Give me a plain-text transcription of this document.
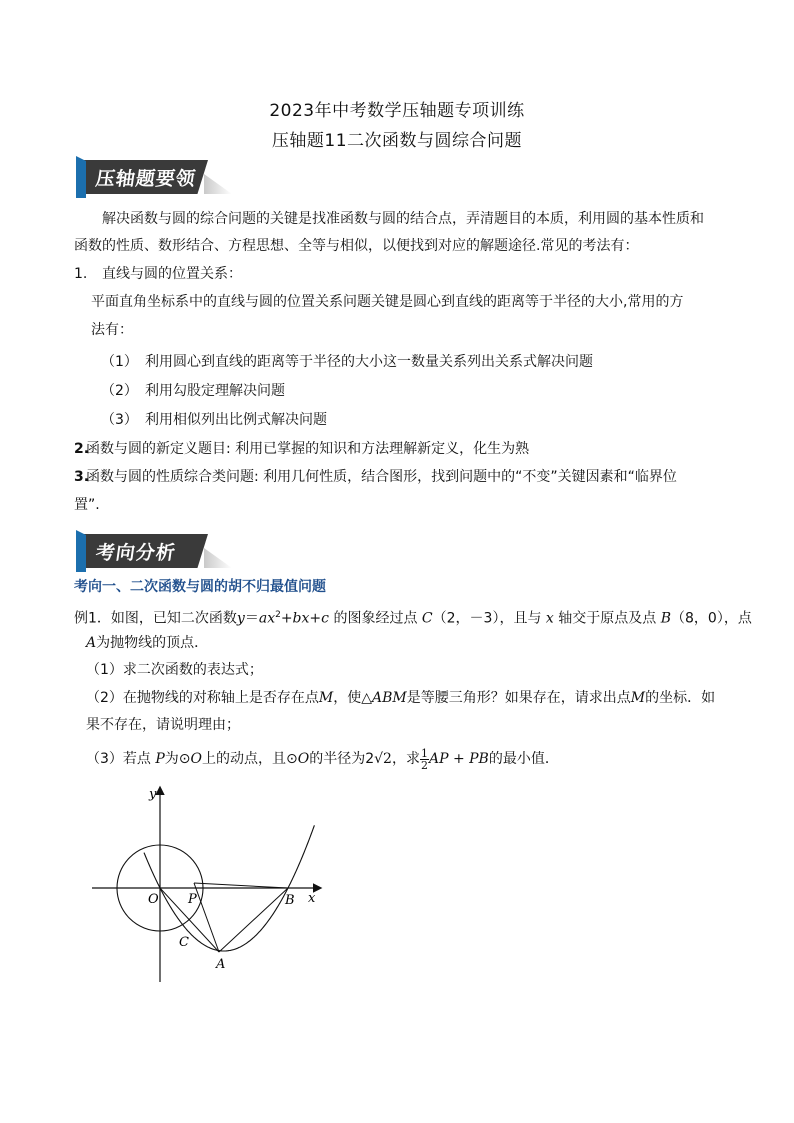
2023年中考数学压轴题专项训练
压轴题11二次函数与圆综合问题
压轴题要领
解决函数与圆的综合问题的关键是找准函数与圆的结合点，弄清题目的本质，利用圆的基本性质和
函数的性质、数形结合、方程思想、全等与相似，以便找到对应的解题途径.常见的考法有：
1. 直线与圆的位置关系：
平面直角坐标系中的直线与圆的位置关系问题关键是圆心到直线的距离等于半径的大小,常用的方
法有：
（1） 利用圆心到直线的距离等于半径的大小这一数量关系列出关系式解决问题
（2） 利用勾股定理解决问题
（3） 利用相似列出比例式解决问题
2.
函数与圆的新定义题目: 利用已掌握的知识和方法理解新定义，化生为熟
3.
函数与圆的性质综合类问题: 利用几何性质，结合图形，找到问题中的“不变”关键因素和“临界位
置”.
考向分析
考向一、二次函数与圆的胡不归最值问题
例1．如图，已知二次函数$y=ax^2+bx+c$ 的图象经过点 C（2，－3），且与 x 轴交于原点及点 B（8，0），点
A为抛物线的顶点．
（1）求二次函数的表达式；
（2）在抛物线的对称轴上是否存在点M，使△ABM是等腰三角形？如果存在，请求出点M的坐标．如
果不存在，请说明理由；
（3）若点 P为⊙O上的动点，且⊙O的半径为2√2，求 $\frac{1}{2}$ AP + PB的最小值．
y
x
O P	B
C
A
